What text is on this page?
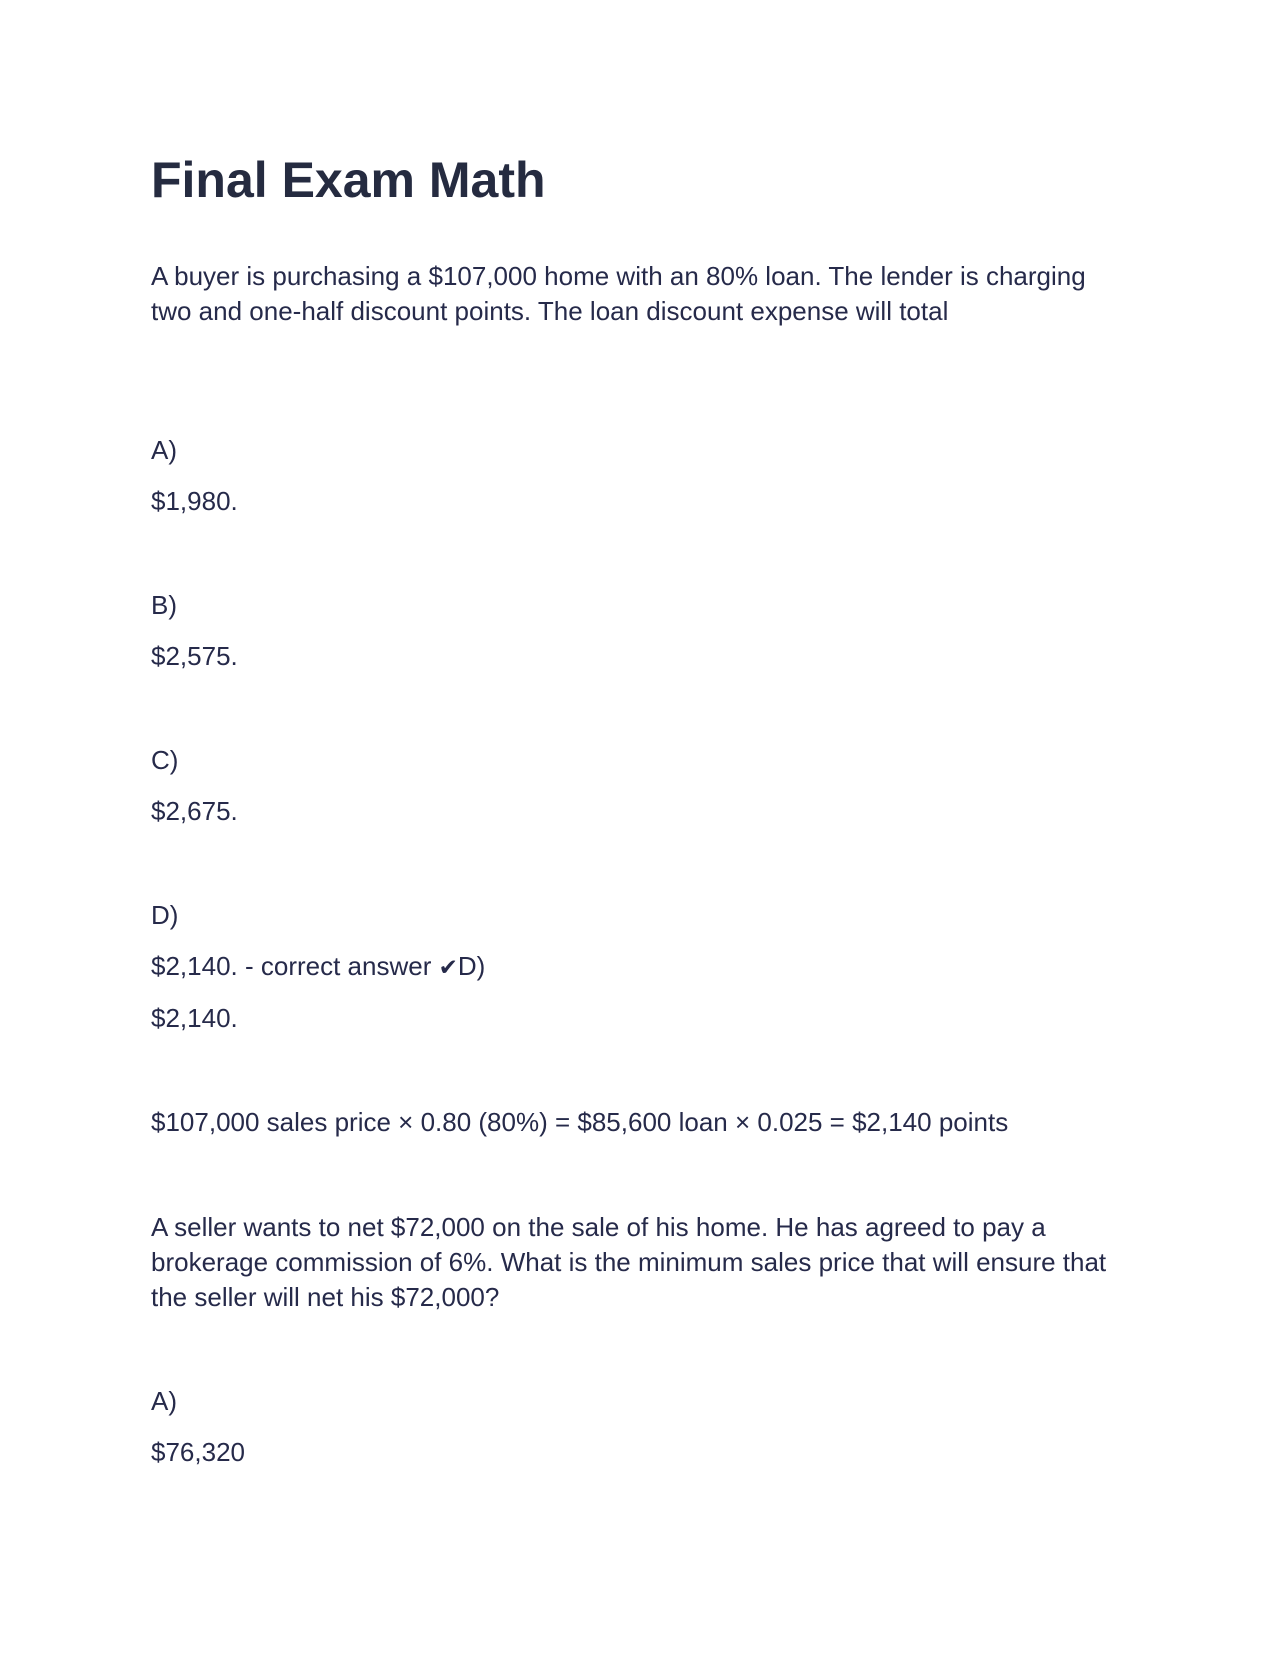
Final Exam Math

A buyer is purchasing a $107,000 home with an 80% loan. The lender is charging two and one-half discount points. The loan discount expense will total

A)
$1,980.
B)
$2,575.
C)
$2,675.
D)
$2,140. - correct answer ✔D)
$2,140.
$107,000 sales price × 0.80 (80%) = $85,600 loan × 0.025 = $2,140 points

A seller wants to net $72,000 on the sale of his home. He has agreed to pay a brokerage commission of 6%. What is the minimum sales price that will ensure that the seller will net his $72,000?

A)
$76,320
